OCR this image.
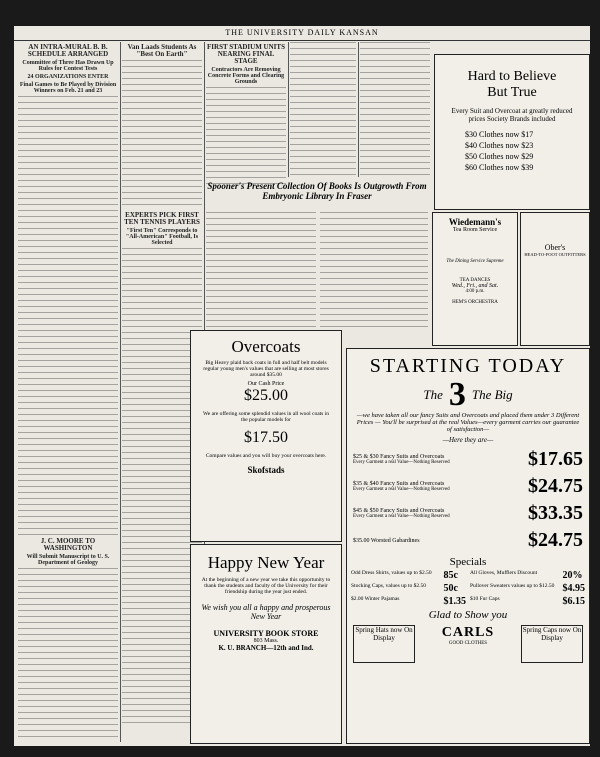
THE UNIVERSITY DAILY KANSAN
AN INTRA-MURAL B. B. SCHEDULE ARRANGED
Committee of Three Has Drawn Up Rules for Contest Tests
24 ORGANIZATIONS ENTER
Final Games to Be Played by Division Winners on Feb. 21 and 23
J. C. MOORE TO WASHINGTON
Will Submit Manuscript to U. S. Department of Geology
Van Laads Students As "Best On Earth"
EXPERTS PICK FIRST TEN TENNIS PLAYERS
"First Ten" Corresponds to "All-American" Football, Is Selected
FIRST STADIUM UNITS NEARING FINAL STAGE
Contractors Are Removing Concrete Forms and Clearing Grounds
Spooner's Present Collection Of Books Is Outgrowth From Embryonic Library In Fraser
Wiedemann's
Tea Room Service
The Dining Service Supreme
TEA DANCES
Wed., Fri., and Sat.
4:00 p.m.
HEM'S ORCHESTRA
Hard to Believe
But True
Every Suit and Overcoat at greatly reduced prices Society Brands included
$30 Clothes now $17
$40 Clothes now $23
$50 Clothes now $29
$60 Clothes now $39
Ober's
HEAD-TO-FOOT OUTFITTERS
Overcoats
Big Heavy plaid back coats in full and half belt models regular young men's values that are selling at most stores around $35.00
Our Cash Price
$25.00
We are offering some splendid values in all wool coats in the popular models for
$17.50
Compare values and you will buy your overcoats here.
Skofstads
Happy New Year
At the beginning of a new year we take this opportunity to thank the students and faculty of the University for their friendship during the year just ended.
We wish you all a happy and prosperous New Year
UNIVERSITY BOOK STORE
803 Mass.
K. U. BRANCH—12th and Ind.
STARTING TODAY
The 3 The Big
—we have taken all our fancy Suits and Overcoats and placed them under 3 Different Prices — You'll be surprised at the real Values—every garment carries our guarantee of satisfaction—
—Here they are—
$25 & $30 Fancy Suits and Overcoats
Every Garment a real Value—Nothing Reserved	$17.65
$35 & $40 Fancy Suits and Overcoats
Every Garment a real Value—Nothing Reserved	$24.75
$45 & $50 Fancy Suits and Overcoats
Every Garment a real Value—Nothing Reserved	$33.35
$35.00 Worsted Gabardines	$24.75
Specials
Odd Dress Shirts, values up to $2.50	85c	All Gloves, Mufflers Discount	20%
Stocking Caps, values up to $2.50	50c	Pullover Sweaters values up to $12.50 $4.95
$2.00 Winter Pajamas	$1.35 $10 Fur Caps	$6.15
Glad to Show you
Spring Hats now On Display	CARLS
GOOD CLOTHES
Spring Caps now On Display
